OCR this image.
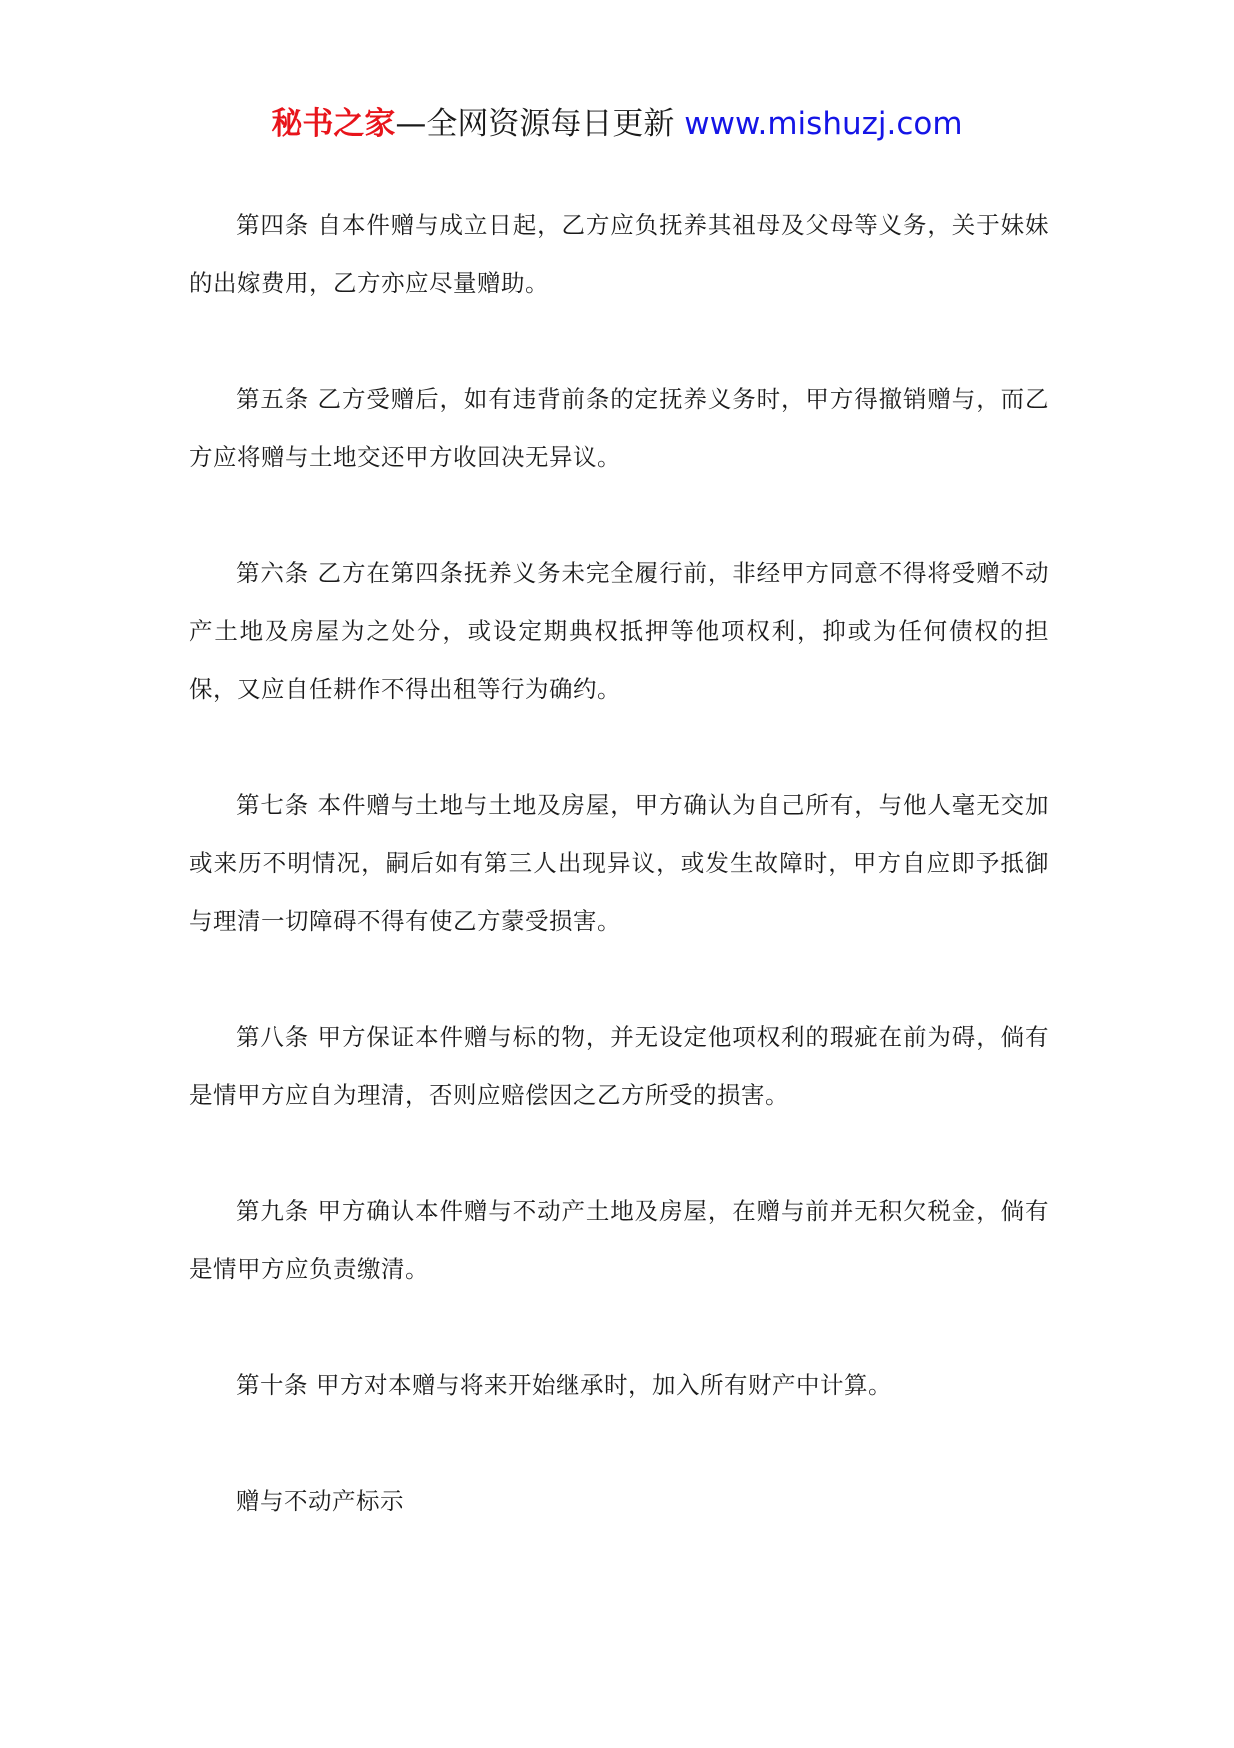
秘书之家—全网资源每日更新 www.mishuzj.com

第四条 自本件赠与成立日起，乙方应负抚养其祖母及父母等义务，关于妹妹的出嫁费用，乙方亦应尽量赠助。

第五条 乙方受赠后，如有违背前条的定抚养义务时，甲方得撤销赠与，而乙方应将赠与土地交还甲方收回决无异议。

第六条 乙方在第四条抚养义务未完全履行前，非经甲方同意不得将受赠不动产土地及房屋为之处分，或设定期典权抵押等他项权利，抑或为任何债权的担保，又应自任耕作不得出租等行为确约。

第七条 本件赠与土地与土地及房屋，甲方确认为自己所有，与他人毫无交加或来历不明情况，嗣后如有第三人出现异议，或发生故障时，甲方自应即予抵御与理清一切障碍不得有使乙方蒙受损害。

第八条 甲方保证本件赠与标的物，并无设定他项权利的瑕疵在前为碍，倘有是情甲方应自为理清，否则应赔偿因之乙方所受的损害。

第九条 甲方确认本件赠与不动产土地及房屋，在赠与前并无积欠税金，倘有是情甲方应负责缴清。

第十条 甲方对本赠与将来开始继承时，加入所有财产中计算。

赠与不动产标示
